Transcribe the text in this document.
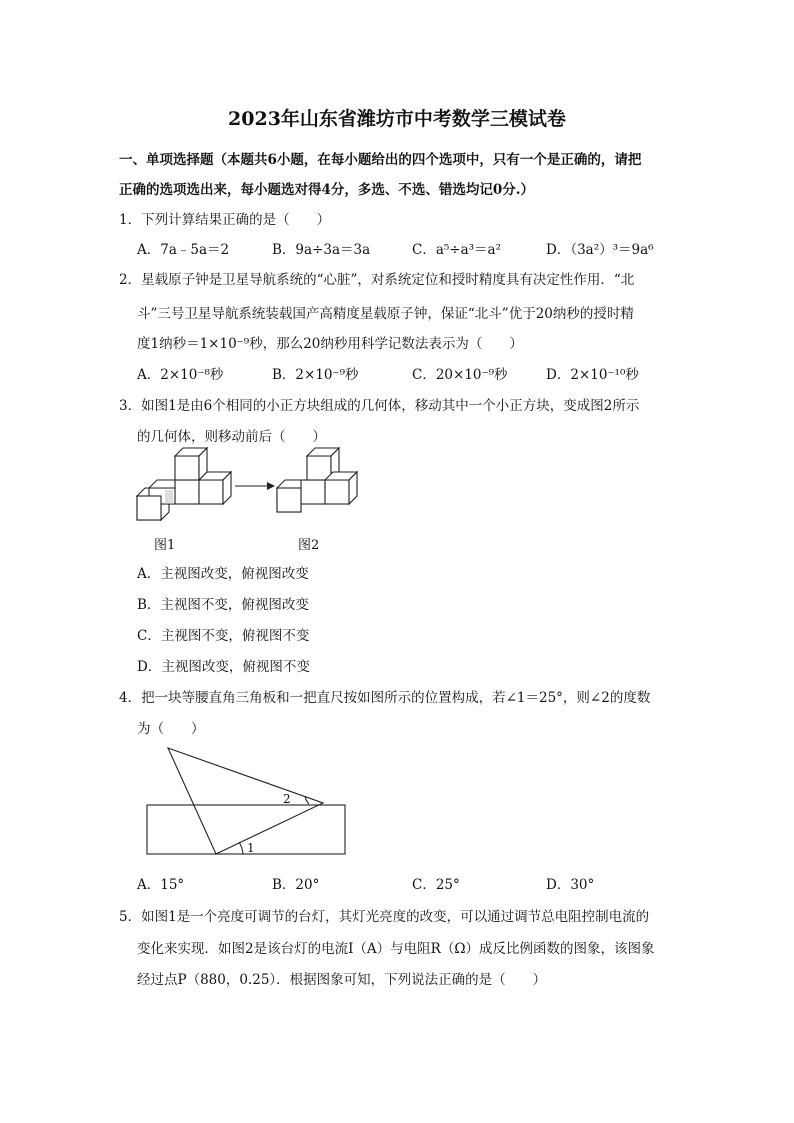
2023年山东省潍坊市中考数学三模试卷
一、单项选择题（本题共6小题，在每小题给出的四个选项中，只有一个是正确的，请把
正确的选项选出来，每小题选对得4分，多选、不选、错选均记0分.）
1．下列计算结果正确的是（　　）
A．7a﹣5a＝2	B．9a÷3a＝3a	C．a⁵÷a³＝a²	D．（3a²）³＝9a⁶
2．星载原子钟是卫星导航系统的“心脏”，对系统定位和授时精度具有决定性作用．“北
斗”三号卫星导航系统装载国产高精度星载原子钟，保证“北斗”优于20纳秒的授时精
度1纳秒＝1×10⁻⁹秒，那么20纳秒用科学记数法表示为（　　）
A．2×10⁻⁸秒	B．2×10⁻⁹秒	C．20×10⁻⁹秒	D．2×10⁻¹⁰秒
3．如图1是由6个相同的小正方块组成的几何体，移动其中一个小正方块，变成图2所示
的几何体，则移动前后（　　）
图1	图2
A．主视图改变，俯视图改变
B．主视图不变，俯视图改变
C．主视图不变，俯视图不变
D．主视图改变，俯视图不变
4．把一块等腰直角三角板和一把直尺按如图所示的位置构成，若∠1＝25°，则∠2的度数
为（　　）
1
2
A．15°	B．20°	C．25°	D．30°
5．如图1是一个亮度可调节的台灯，其灯光亮度的改变，可以通过调节总电阻控制电流的
变化来实现．如图2是该台灯的电流I（A）与电阻R（Ω）成反比例函数的图象，该图象
经过点P（880，0.25）．根据图象可知，下列说法正确的是（　　）
